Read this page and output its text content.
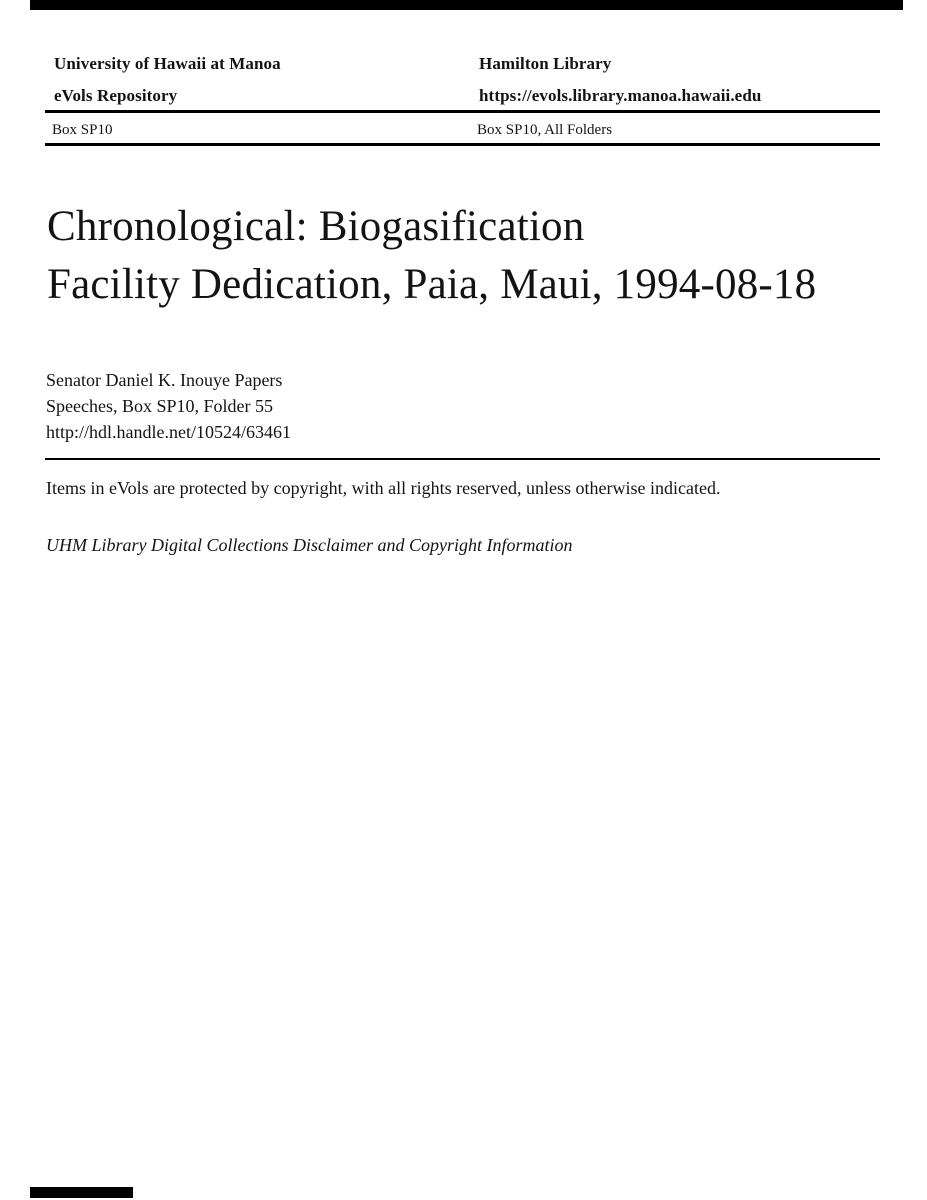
University of Hawaii at Manoa	Hamilton Library
eVols Repository	https://evols.library.manoa.hawaii.edu
Box SP10	Box SP10, All Folders
Chronological: Biogasification
Facility Dedication, Paia, Maui, 1994-08-18

Senator Daniel K. Inouye Papers

Speeches, Box SP10, Folder 55

http://hdl.handle.net/10524/63461

Items in eVols are protected by copyright, with all rights reserved, unless otherwise indicated.

UHM Library Digital Collections Disclaimer and Copyright Information
